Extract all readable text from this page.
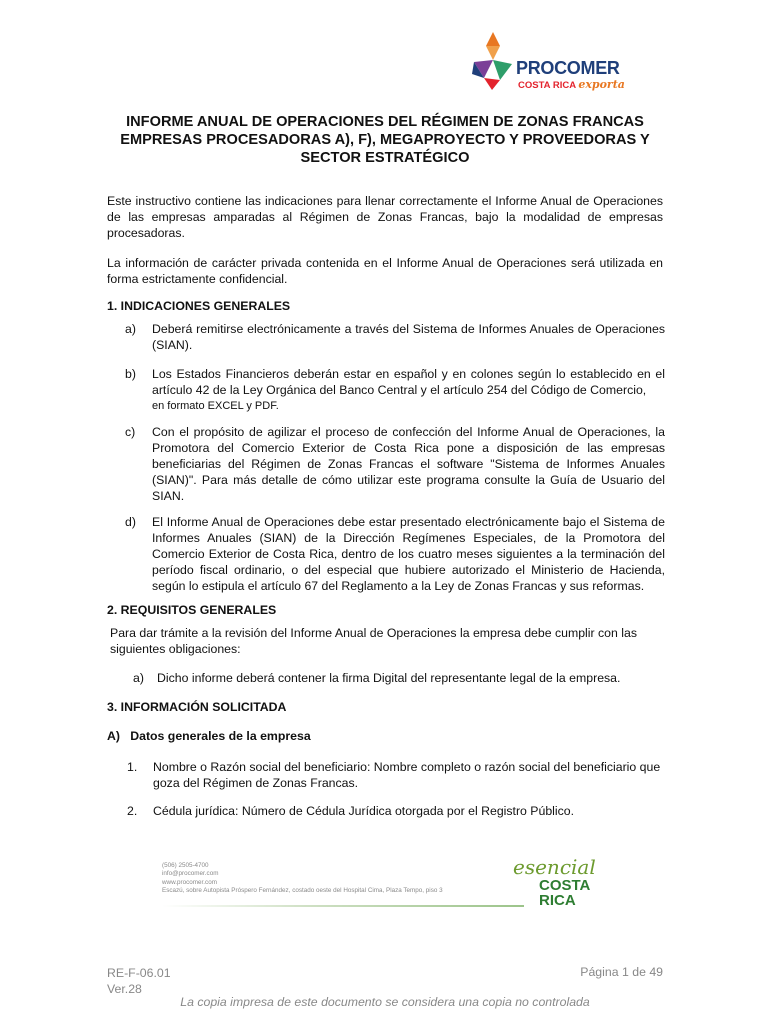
PROCOMER
COSTA RICA exporta
INFORME ANUAL DE OPERACIONES DEL RÉGIMEN DE ZONAS FRANCAS
EMPRESAS PROCESADORAS A), F), MEGAPROYECTO Y PROVEEDORAS Y
SECTOR ESTRATÉGICO
Este instructivo contiene las indicaciones para llenar correctamente el Informe Anual de Operaciones de las empresas amparadas al Régimen de Zonas Francas, bajo la modalidad de empresas procesadoras.
La información de carácter privada contenida en el Informe Anual de Operaciones será utilizada en forma estrictamente confidencial.
1. INDICACIONES GENERALES
a) Deberá remitirse electrónicamente a través del Sistema de Informes Anuales de Operaciones (SIAN).
b) Los Estados Financieros deberán estar en español y en colones según lo establecido en el artículo 42 de la Ley Orgánica del Banco Central y el artículo 254 del Código de Comercio,
en formato EXCEL y PDF.
c) Con el propósito de agilizar el proceso de confección del Informe Anual de Operaciones, la Promotora del Comercio Exterior de Costa Rica pone a disposición de las empresas beneficiarias del Régimen de Zonas Francas el software "Sistema de Informes Anuales (SIAN)". Para más detalle de cómo utilizar este programa consulte la Guía de Usuario del SIAN.
d) El Informe Anual de Operaciones debe estar presentado electrónicamente bajo el Sistema de Informes Anuales (SIAN) de la Dirección Regímenes Especiales, de la Promotora del Comercio Exterior de Costa Rica, dentro de los cuatro meses siguientes a la terminación del período fiscal ordinario, o del especial que hubiere autorizado el Ministerio de Hacienda, según lo estipula el artículo 67 del Reglamento a la Ley de Zonas Francas y sus reformas.
2. REQUISITOS GENERALES
Para dar trámite a la revisión del Informe Anual de Operaciones la empresa debe cumplir con las siguientes obligaciones:
a) Dicho informe deberá contener la firma Digital del representante legal de la empresa.
3. INFORMACIÓN SOLICITADA
A)   Datos generales de la empresa
1. Nombre o Razón social del beneficiario: Nombre completo o razón social del beneficiario que goza del Régimen de Zonas Francas.
2. Cédula jurídica: Número de Cédula Jurídica otorgada por el Registro Público.
(506) 2505-4700
info@procomer.com
www.procomer.com
Escazú, sobre Autopista Próspero Fernández, costado oeste del Hospital Cima, Plaza Tempo, piso 3
esencial
COSTA
RICA
RE-F-06.01
Ver.28
Página 1 de 49
La copia impresa de este documento se considera una copia no controlada
